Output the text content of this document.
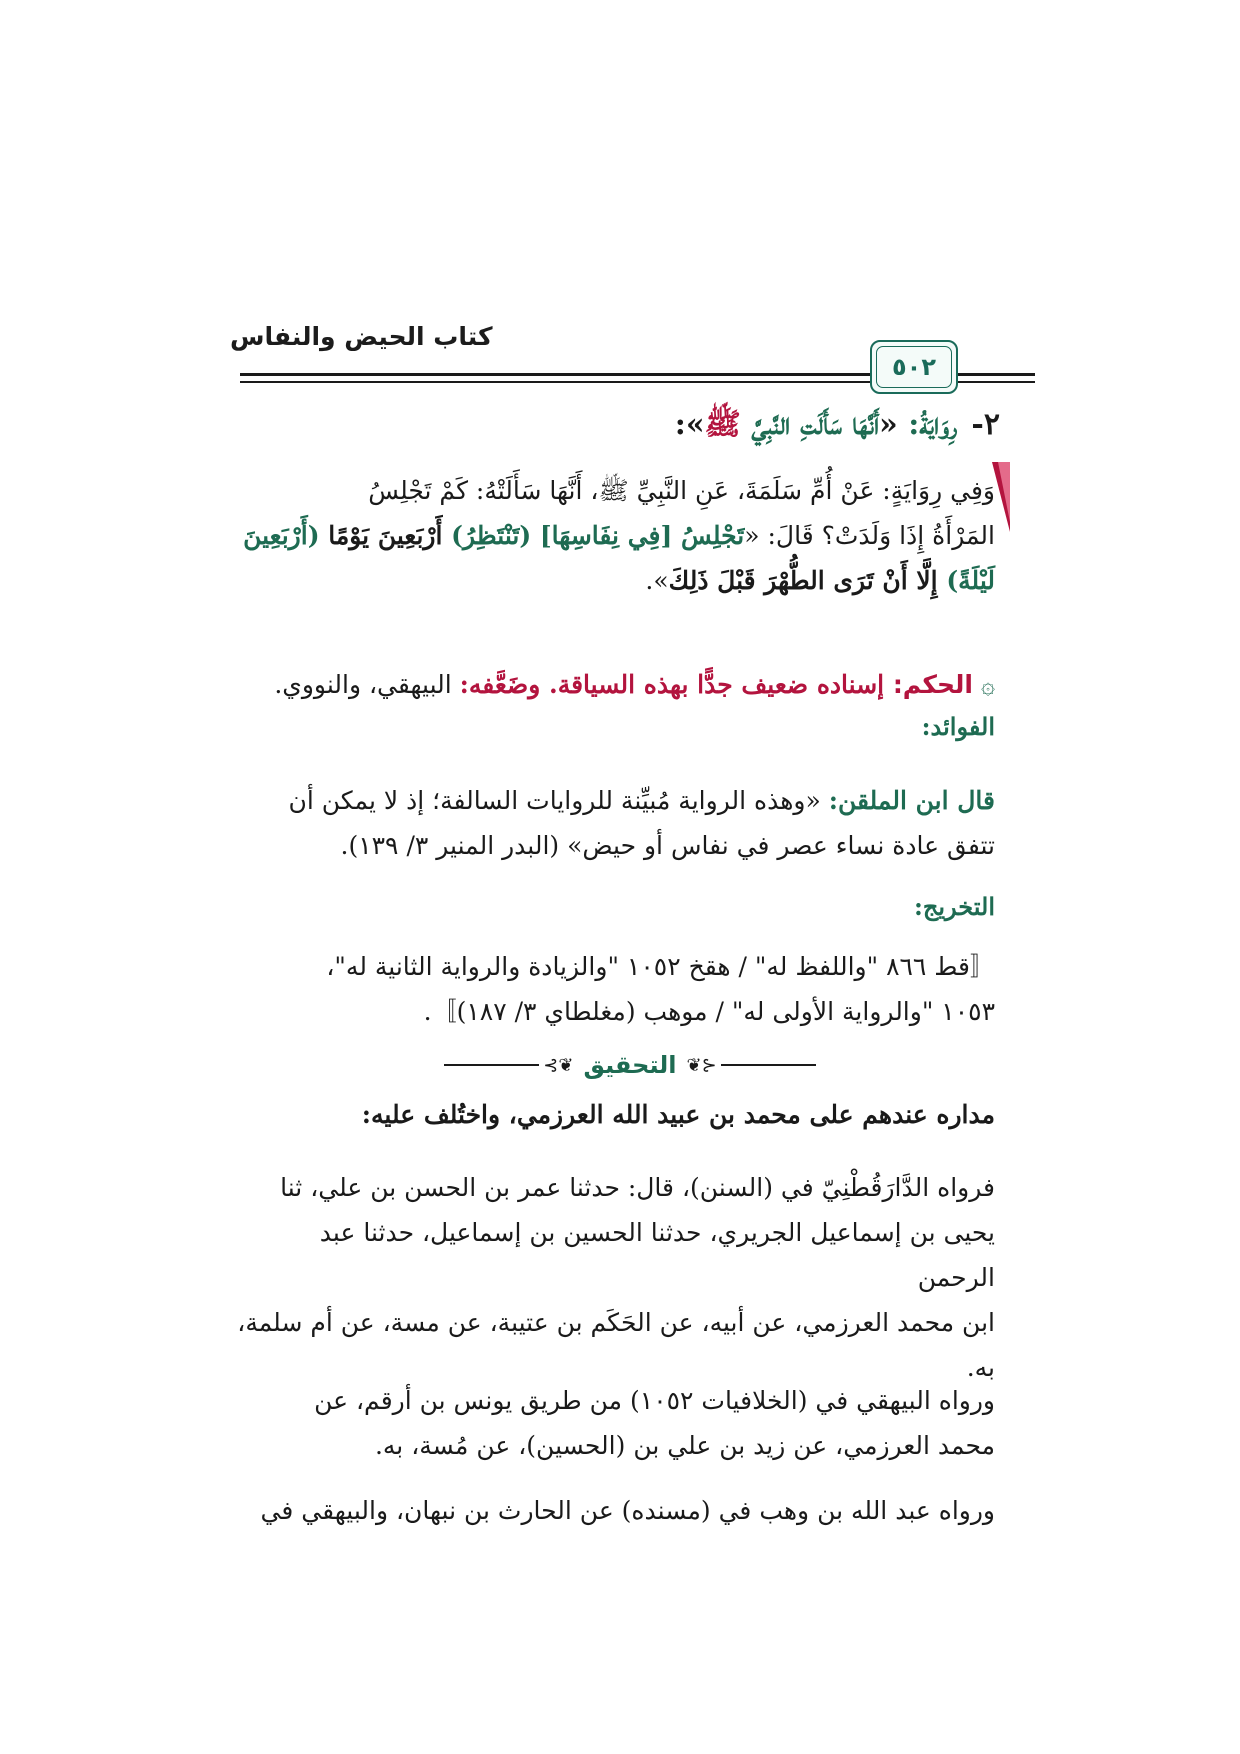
كتاب الحيض والنفاس
٥٠٢
٢-رِوَايَةُ: «أَنَّهَا سَأَلَتِ النَّبِيَّ ﷺ»:
وَفِي رِوَايَةٍ: عَنْ أُمِّ سَلَمَةَ، عَنِ النَّبِيِّ ﷺ، أَنَّهَا سَأَلَتْهُ: كَمْ تَجْلِسُ
المَرْأَةُ إِذَا وَلَدَتْ؟ قَالَ: «تَجْلِسُ [فِي نِفَاسِهَا] (تَنْتَظِرُ) أَرْبَعِينَ يَوْمًا (أَرْبَعِينَ
لَيْلَةً) إِلَّا أَنْ تَرَى الطُّهْرَ قَبْلَ ذَلِكَ».
۞الحكم: إسناده ضعيف جدًّا بهذه السياقة. وضَعَّفه: البيهقي، والنووي.
الفوائد:
قال ابن الملقن: «وهذه الرواية مُبيِّنة للروايات السالفة؛ إذ لا يمكن أن
تتفق عادة نساء عصر في نفاس أو حيض» (البدر المنير ٣/ ١٣٩).
التخريج:
〚قط ٨٦٦ "واللفظ له" / هقخ ١٠٥٢ "والزيادة والرواية الثانية له"،
١٠٥٣ "والرواية الأولى له" / موهب (مغلطاي ٣/ ١٨٧)〛.
⊰❦ التحقيق ❦⊱
مداره عندهم على محمد بن عبيد الله العرزمي، واختُلف عليه:
فرواه الدَّارَقُطْنِيّ في (السنن)، قال: حدثنا عمر بن الحسن بن علي، ثنا
يحيى بن إسماعيل الجريري، حدثنا الحسين بن إسماعيل، حدثنا عبد الرحمن
ابن محمد العرزمي، عن أبيه، عن الحَكَم بن عتيبة، عن مسة، عن أم سلمة،
به.
ورواه البيهقي في (الخلافيات ١٠٥٢) من طريق يونس بن أرقم، عن
محمد العرزمي، عن زيد بن علي بن (الحسين)، عن مُسة، به.
ورواه عبد الله بن وهب في (مسنده) عن الحارث بن نبهان، والبيهقي في
